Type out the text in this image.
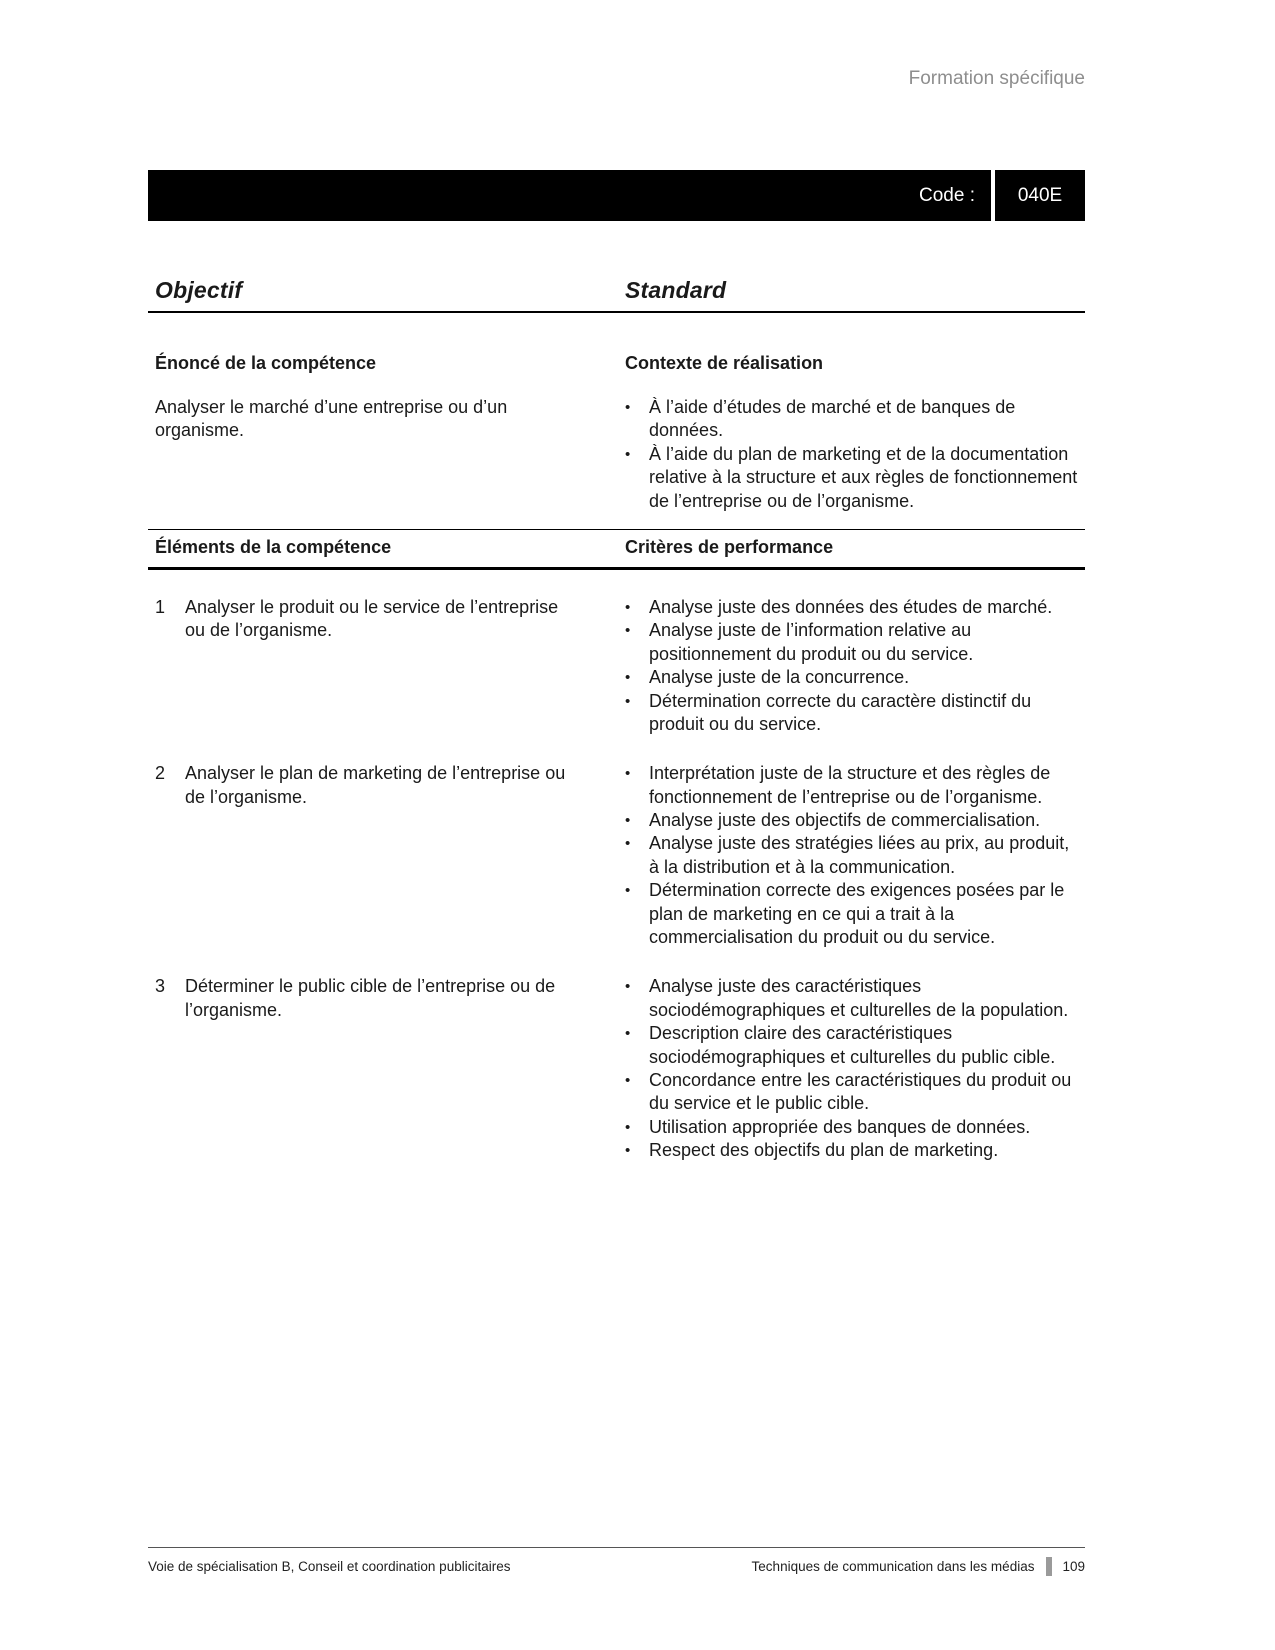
Formation spécifique
Code :	040E
Objectif	Standard
Énoncé de la compétence
Analyser le marché d’une entreprise ou d’un organisme.
Contexte de réalisation
•	À l’aide d’études de marché et de banques de données.
•	À l’aide du plan de marketing et de la documentation relative à la structure et aux règles de fonctionnement de l’entreprise ou de l’organisme.
Éléments de la compétence	Critères de performance
1	Analyser le produit ou le service de l’entreprise ou de l’organisme.
•	Analyse juste des données des études de marché.
•	Analyse juste de l’information relative au positionnement du produit ou du service.
•	Analyse juste de la concurrence.
•	Détermination correcte du caractère distinctif du produit ou du service.
2	Analyser le plan de marketing de l’entreprise ou de l’organisme.
•	Interprétation juste de la structure et des règles de fonctionnement de l’entreprise ou de l’organisme.
•	Analyse juste des objectifs de commercialisation.
•	Analyse juste des stratégies liées au prix, au produit, à la distribution et à la communication.
•	Détermination correcte des exigences posées par le plan de marketing en ce qui a trait à la commercialisation du produit ou du service.
3	Déterminer le public cible de l’entreprise ou de l’organisme.
•	Analyse juste des caractéristiques sociodémographiques et culturelles de la population.
•	Description claire des caractéristiques sociodémographiques et culturelles du public cible.
•	Concordance entre les caractéristiques du produit ou du service et le public cible.
•	Utilisation appropriée des banques de données.
•	Respect des objectifs du plan de marketing.
Voie de spécialisation B, Conseil et coordination publicitaires	Techniques de communication dans les médias 109
